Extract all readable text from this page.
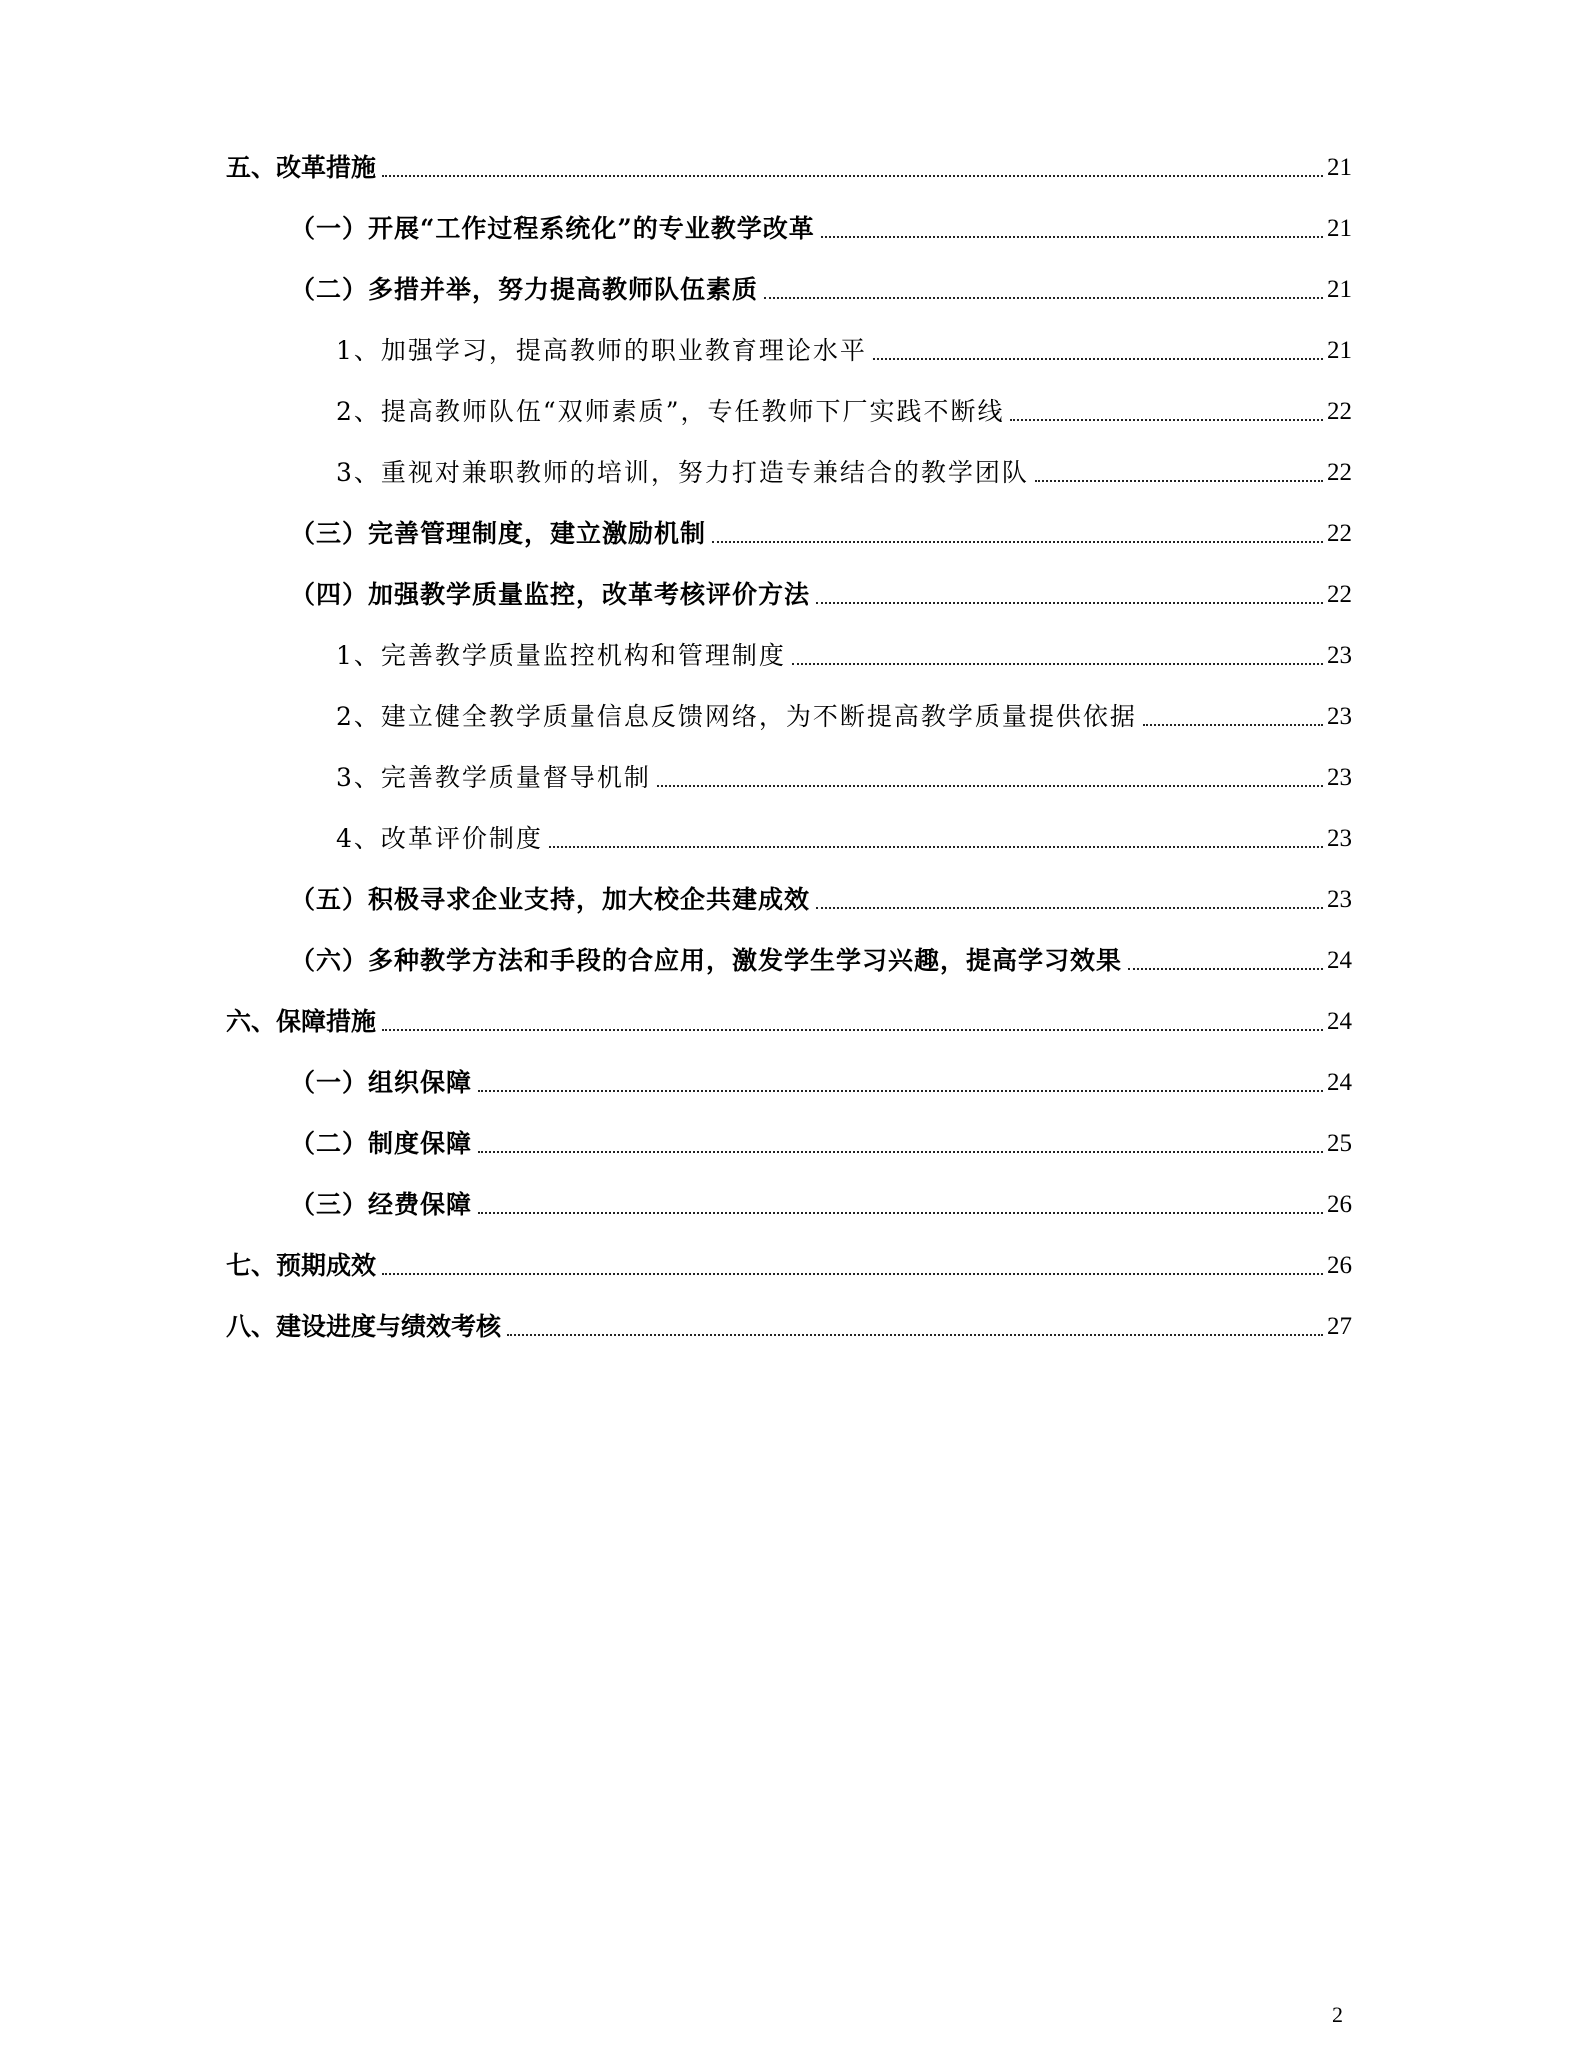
五、改革措施	21
（一）开展“工作过程系统化”的专业教学改革	21
（二）多措并举，努力提高教师队伍素质	21
1、加强学习，提高教师的职业教育理论水平	21
2、提高教师队伍“双师素质”，专任教师下厂实践不断线	22
3、重视对兼职教师的培训，努力打造专兼结合的教学团队	22
（三）完善管理制度，建立激励机制	22
（四）加强教学质量监控，改革考核评价方法	22
1、完善教学质量监控机构和管理制度	23
2、建立健全教学质量信息反馈网络，为不断提高教学质量提供依据	23
3、完善教学质量督导机制	23
4、改革评价制度	23
（五）积极寻求企业支持，加大校企共建成效	23
（六）多种教学方法和手段的合应用，激发学生学习兴趣，提高学习效果	24
六、保障措施	24
（一）组织保障	24
（二）制度保障	25
（三）经费保障	26
七、预期成效	26
八、建设进度与绩效考核	27
2
